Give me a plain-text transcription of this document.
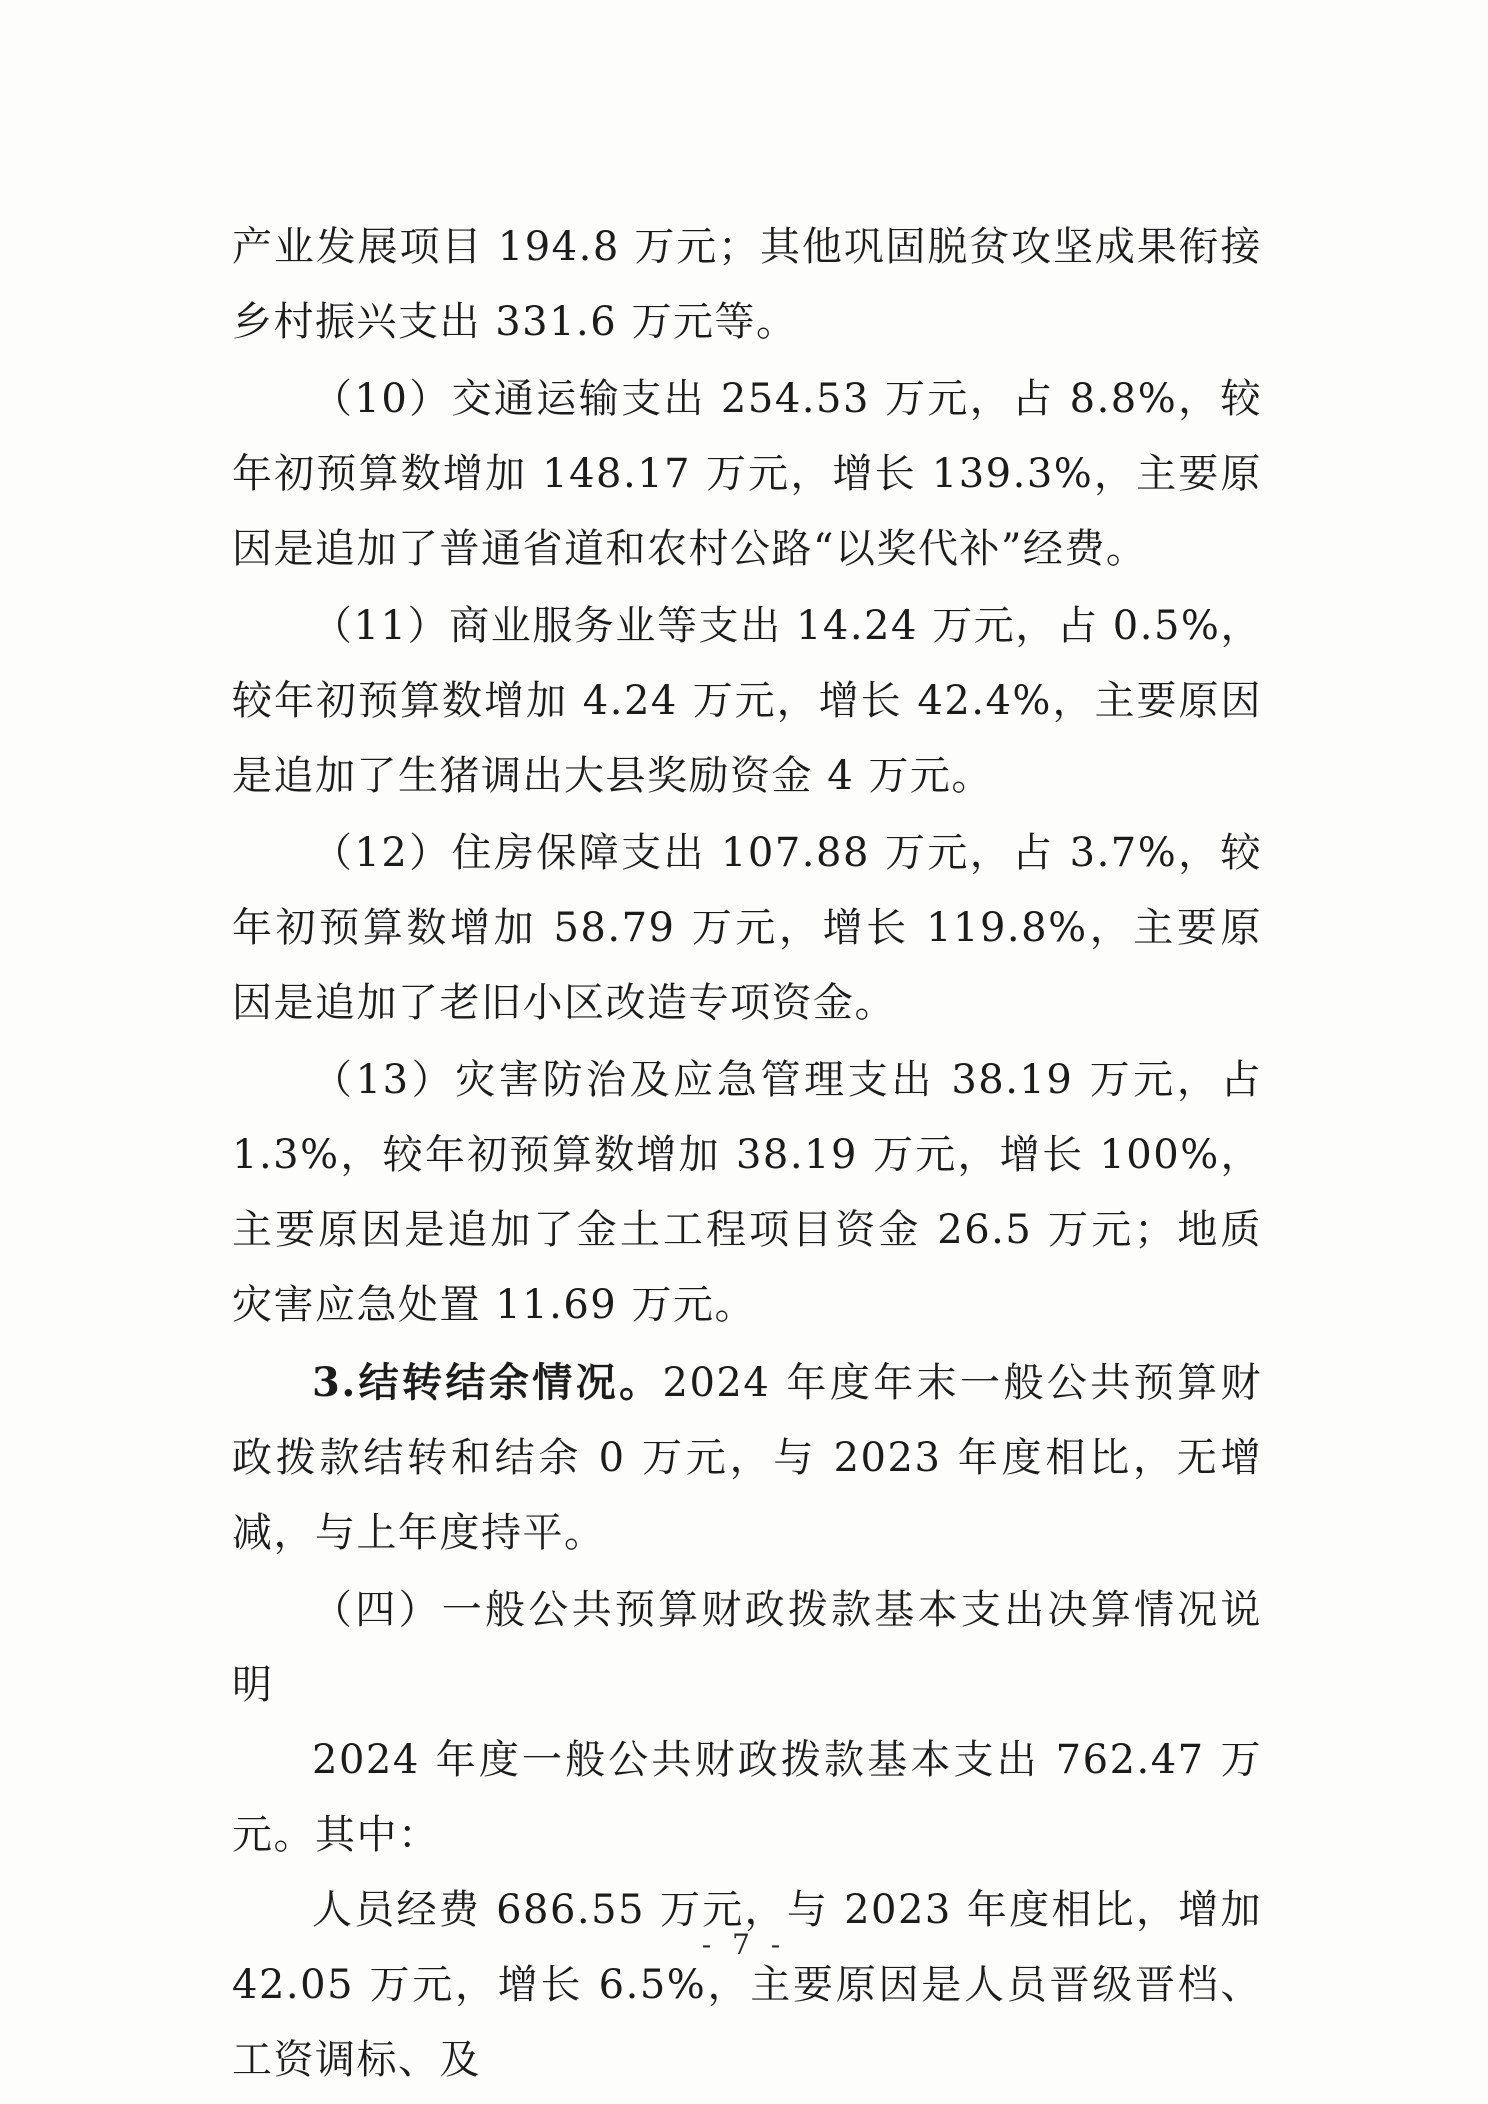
产业发展项目 194.8 万元；其他巩固脱贫攻坚成果衔接乡村振兴支出 331.6 万元等。

（10）交通运输支出 254.53 万元，占 8.8%，较年初预算数增加 148.17 万元，增长 139.3%，主要原因是追加了普通省道和农村公路“以奖代补”经费。

（11）商业服务业等支出 14.24 万元，占 0.5%，较年初预算数增加 4.24 万元，增长 42.4%，主要原因是追加了生猪调出大县奖励资金 4 万元。

（12）住房保障支出 107.88 万元，占 3.7%，较年初预算数增加 58.79 万元，增长 119.8%，主要原因是追加了老旧小区改造专项资金。

（13）灾害防治及应急管理支出 38.19 万元，占 1.3%，较年初预算数增加 38.19 万元，增长 100%，主要原因是追加了金土工程项目资金 26.5 万元；地质灾害应急处置 11.69 万元。

3.结转结余情况。2024 年度年末一般公共预算财政拨款结转和结余 0 万元，与 2023 年度相比，无增减，与上年度持平。

（四）一般公共预算财政拨款基本支出决算情况说明

2024 年度一般公共财政拨款基本支出 762.47 万元。其中：

人员经费 686.55 万元，与 2023 年度相比，增加 42.05 万元，增长 6.5%，主要原因是人员晋级晋档、工资调标、及

- 7 -
